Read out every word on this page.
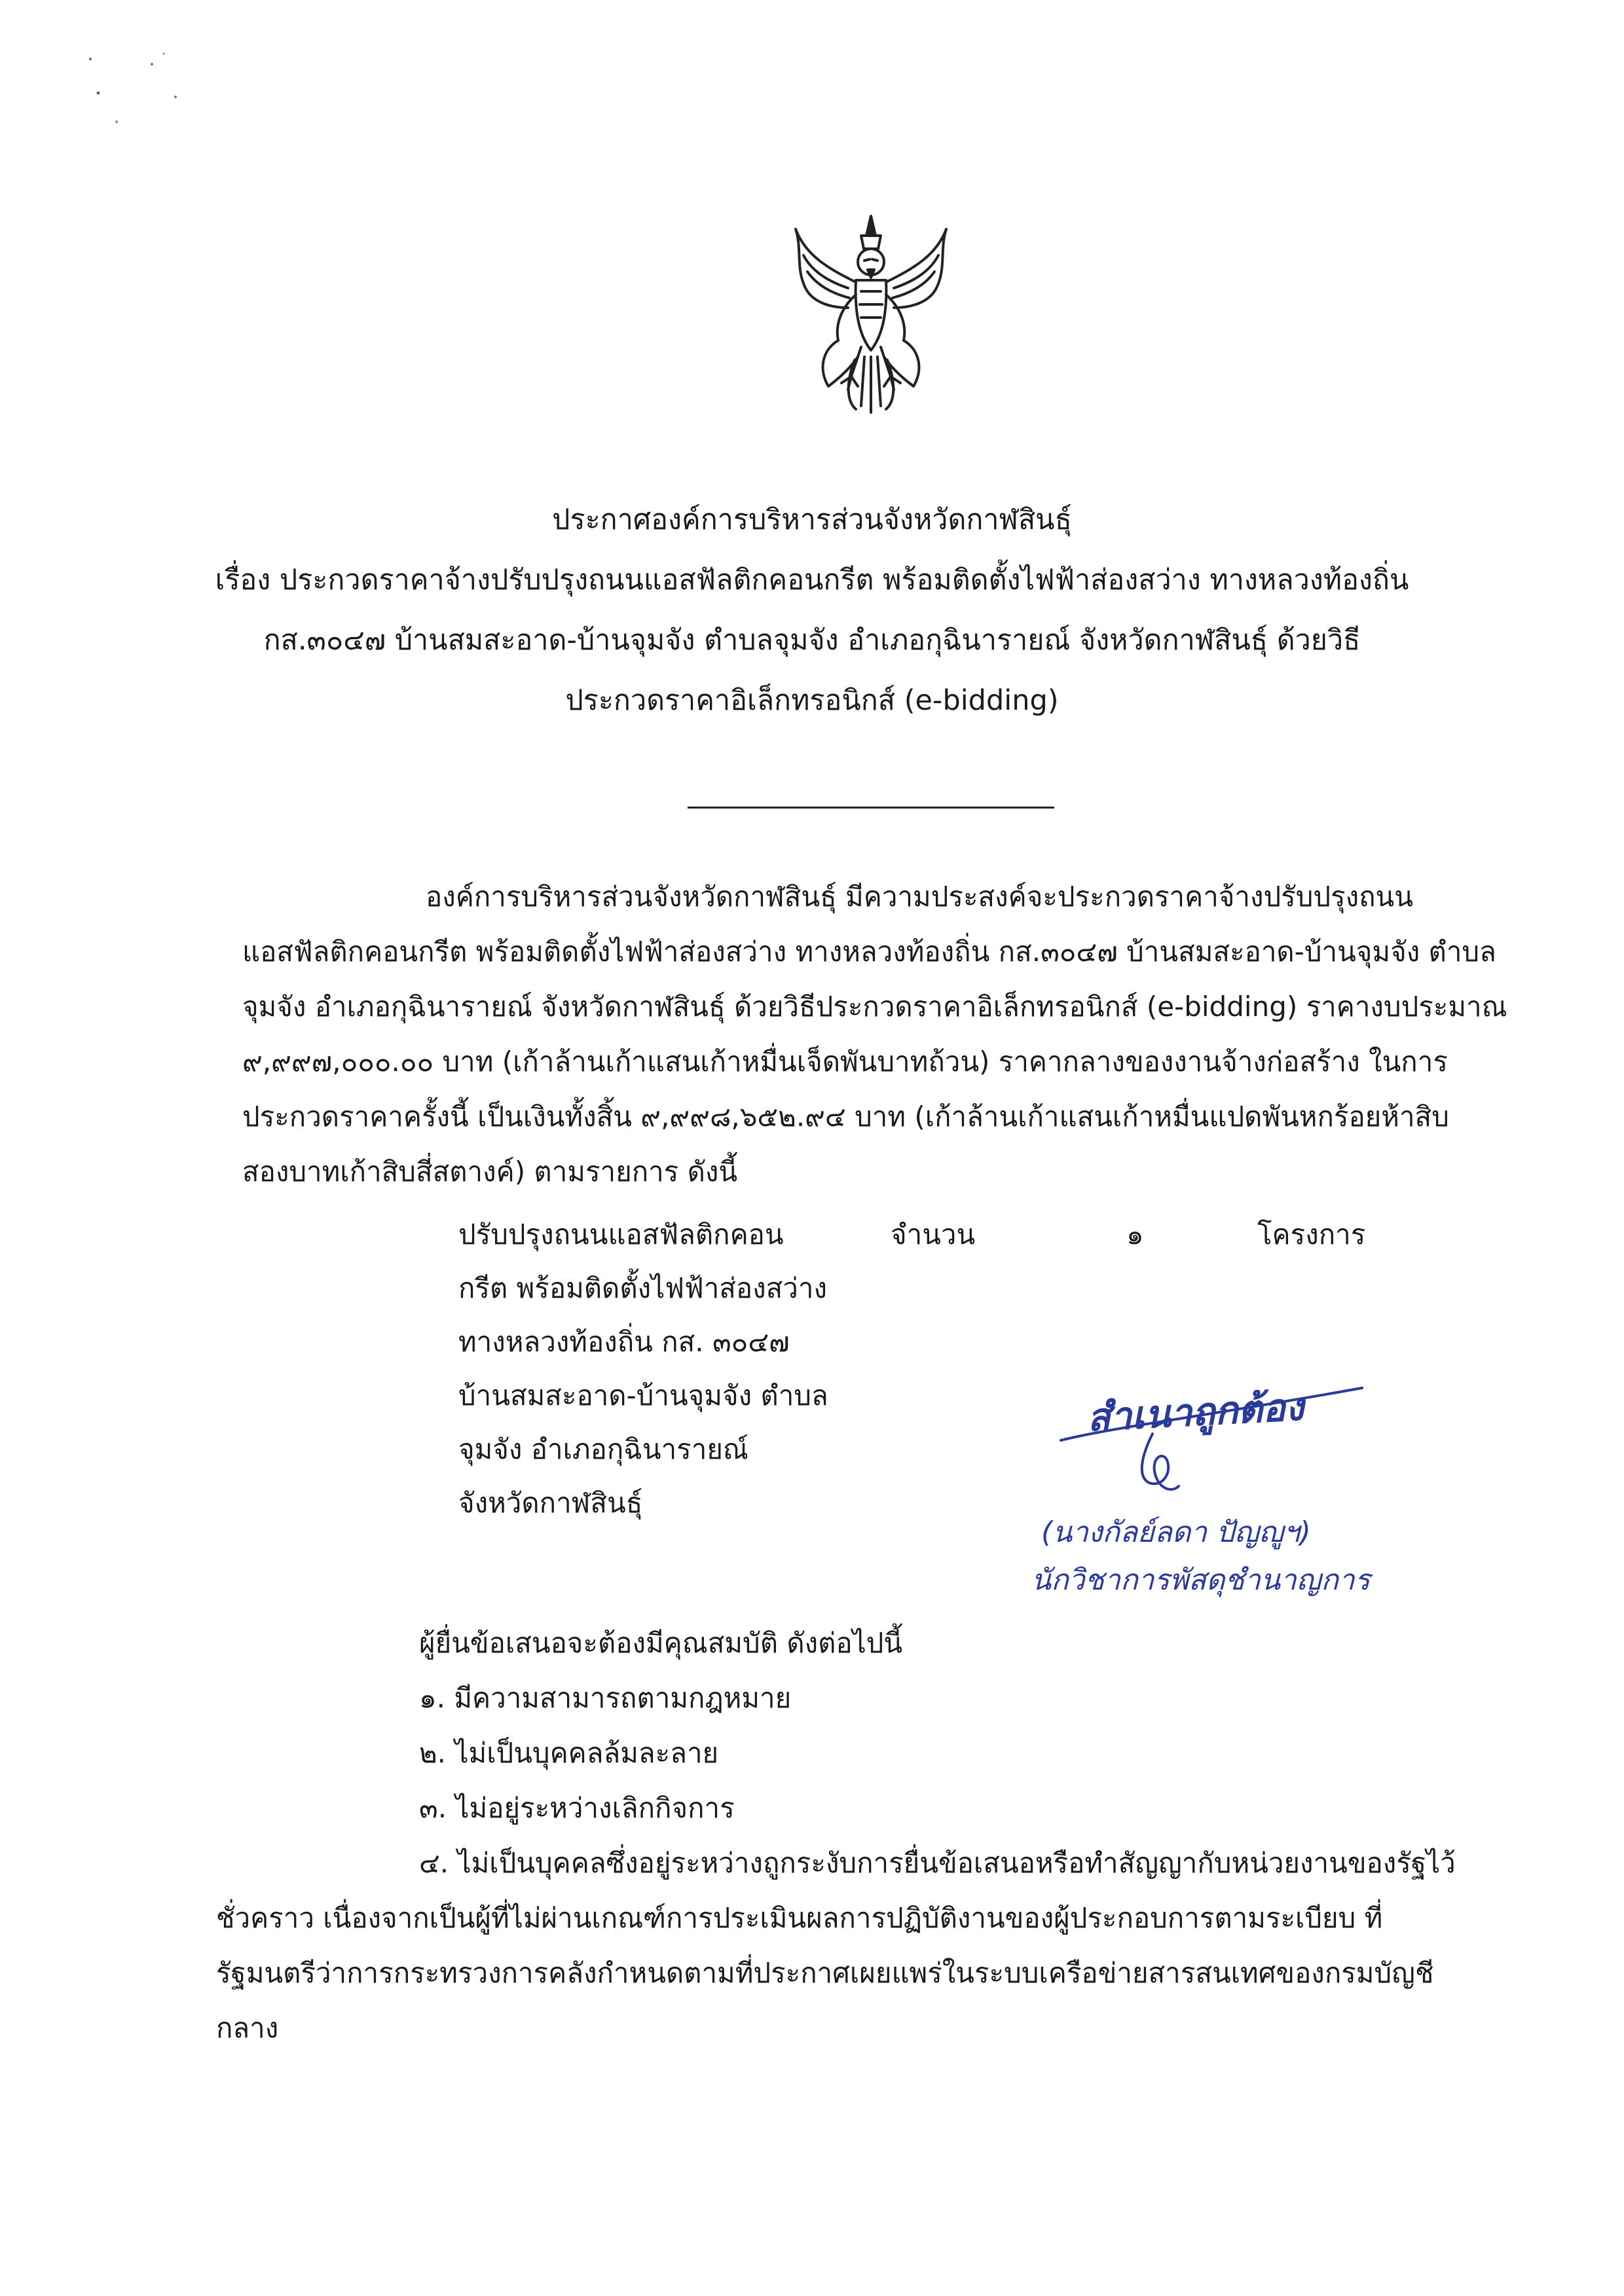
ประกาศองค์การบริหารส่วนจังหวัดกาฬสินธุ์
เรื่อง ประกวดราคาจ้างปรับปรุงถนนแอสฟัลติกคอนกรีต พร้อมติดตั้งไฟฟ้าส่องสว่าง ทางหลวงท้องถิ่น
กส.๓๐๔๗ บ้านสมสะอาด-บ้านจุมจัง ตำบลจุมจัง อำเภอกุฉินารายณ์ จังหวัดกาฬสินธุ์ ด้วยวิธี
ประกวดราคาอิเล็กทรอนิกส์ (e-bidding)
องค์การบริหารส่วนจังหวัดกาฬสินธุ์ มีความประสงค์จะประกวดราคาจ้างปรับปรุงถนน
แอสฟัลติกคอนกรีต พร้อมติดตั้งไฟฟ้าส่องสว่าง ทางหลวงท้องถิ่น กส.๓๐๔๗ บ้านสมสะอาด-บ้านจุมจัง ตำบล
จุมจัง อำเภอกุฉินารายณ์ จังหวัดกาฬสินธุ์ ด้วยวิธีประกวดราคาอิเล็กทรอนิกส์ (e-bidding) ราคางบประมาณ
๙,๙๙๗,๐๐๐.๐๐ บาท (เก้าล้านเก้าแสนเก้าหมื่นเจ็ดพันบาทถ้วน) ราคากลางของงานจ้างก่อสร้าง ในการ
ประกวดราคาครั้งนี้ เป็นเงินทั้งสิ้น ๙,๙๙๘,๖๕๒.๙๔ บาท (เก้าล้านเก้าแสนเก้าหมื่นแปดพันหกร้อยห้าสิบ
สองบาทเก้าสิบสี่สตางค์) ตามรายการ ดังนี้
ปรับปรุงถนนแอสฟัลติกคอน
กรีต พร้อมติดตั้งไฟฟ้าส่องสว่าง
ทางหลวงท้องถิ่น กส. ๓๐๔๗
บ้านสมสะอาด-บ้านจุมจัง ตำบล
จุมจัง อำเภอกุฉินารายณ์
จังหวัดกาฬสินธุ์
จำนวน	๑	โครงการ
สำเนาถูกต้อง
(นางกัลย์ลดา ปัญญูฯ)
นักวิชาการพัสดุชำนาญการ
ผู้ยื่นข้อเสนอจะต้องมีคุณสมบัติ ดังต่อไปนี้
๑. มีความสามารถตามกฎหมาย
๒. ไม่เป็นบุคคลล้มละลาย
๓. ไม่อยู่ระหว่างเลิกกิจการ
๔. ไม่เป็นบุคคลซึ่งอยู่ระหว่างถูกระงับการยื่นข้อเสนอหรือทำสัญญากับหน่วยงานของรัฐไว้
ชั่วคราว เนื่องจากเป็นผู้ที่ไม่ผ่านเกณฑ์การประเมินผลการปฏิบัติงานของผู้ประกอบการตามระเบียบ ที่
รัฐมนตรีว่าการกระทรวงการคลังกำหนดตามที่ประกาศเผยแพร่ในระบบเครือข่ายสารสนเทศของกรมบัญชี
กลาง
